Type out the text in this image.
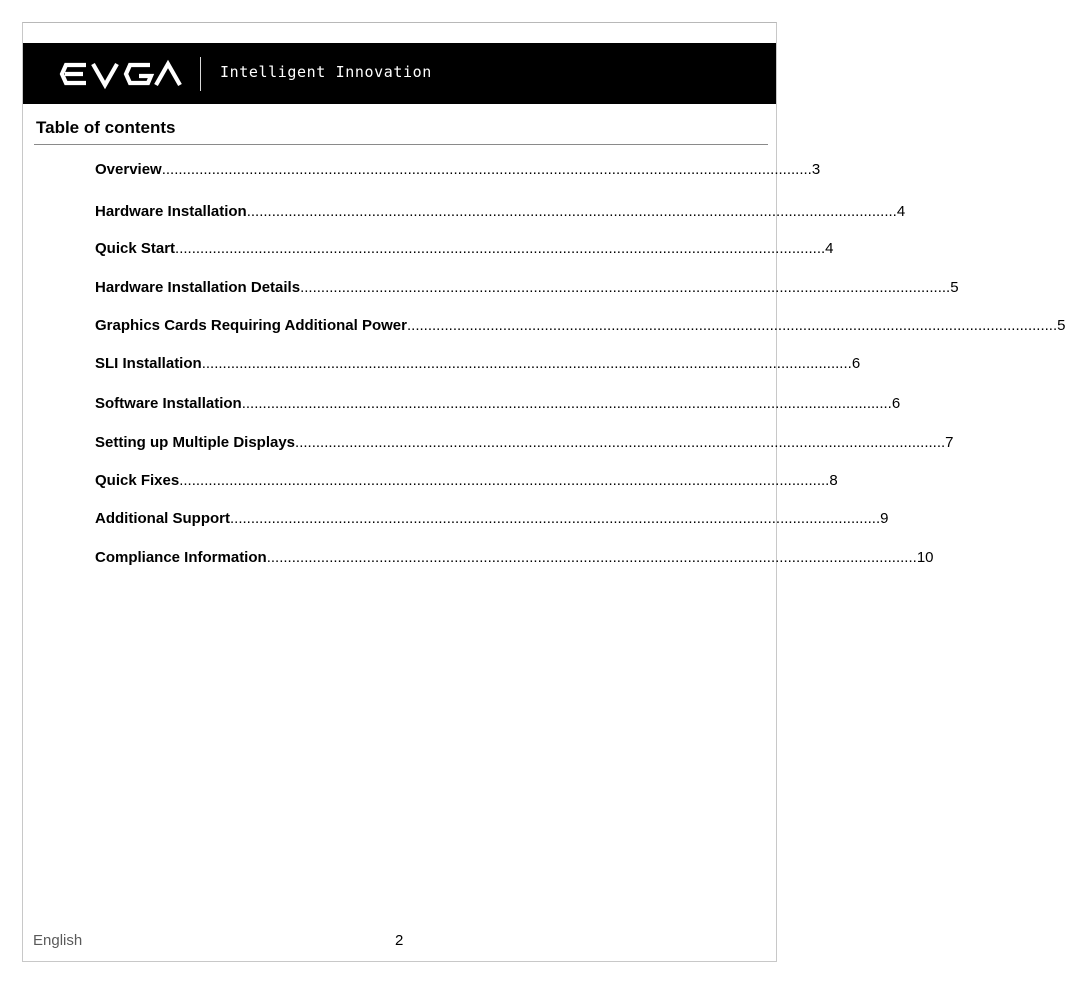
Intelligent Innovation
Table of contents
Overview ............................................................................................................................................................ 3
Hardware Installation ............................................................................................................................................................ 4
Quick Start ............................................................................................................................................................ 4
Hardware Installation Details ............................................................................................................................................................ 5
Graphics Cards Requiring Additional Power ............................................................................................................................................................ 5
SLI Installation ............................................................................................................................................................ 6
Software Installation ............................................................................................................................................................ 6
Setting up Multiple Displays ............................................................................................................................................................ 7
Quick Fixes ............................................................................................................................................................ 8
Additional Support ............................................................................................................................................................ 9
Compliance Information ............................................................................................................................................................ 10
English	2
